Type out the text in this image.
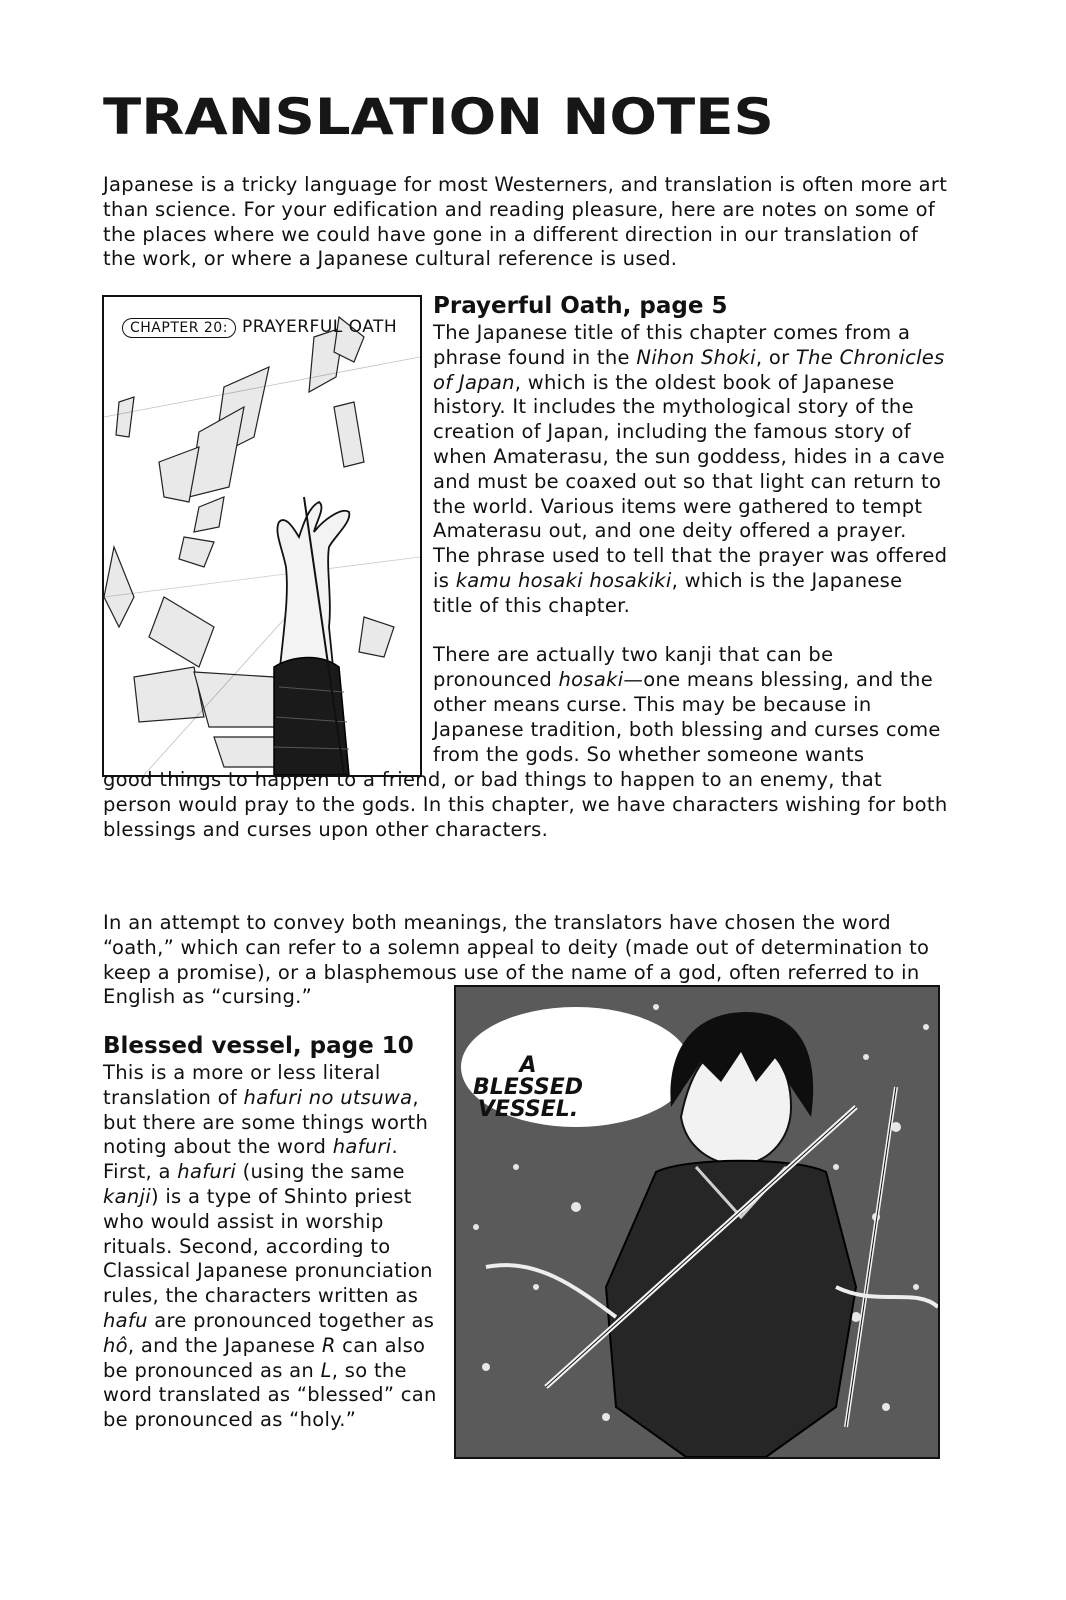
TRANSLATION NOTES

Japanese is a tricky language for most Westerners, and translation is often more art than science. For your edification and reading pleasure, here are notes on some of the places where we could have gone in a different direction in our translation of the work, or where a Japanese cultural reference is used.

CHAPTER 20: PRAYERFUL OATH
Prayerful Oath, page 5

The Japanese title of this chapter comes from a phrase found in the Nihon Shoki, or The Chronicles of Japan, which is the oldest book of Japanese history. It includes the mythological story of the creation of Japan, including the famous story of when Amaterasu, the sun goddess, hides in a cave and must be coaxed out so that light can return to the world. Various items were gathered to tempt Amaterasu out, and one deity offered a prayer. The phrase used to tell that the prayer was offered is kamu hosaki hosakiki, which is the Japanese title of this chapter.

There are actually two kanji that can be pronounced hosaki—one means blessing, and the other means curse. This may be because in Japanese tradition, both blessing and curses come from the gods. So whether someone wants

good things to happen to a friend, or bad things to happen to an enemy, that person would pray to the gods. In this chapter, we have characters wishing for both blessings and curses upon other characters.

In an attempt to convey both meanings, the translators have chosen the word “oath,” which can refer to a solemn appeal to deity (made out of determination to keep a promise), or a blasphemous use of the name of a god, often referred to in English as “cursing.”

A
BLESSED
VESSEL.
Blessed vessel, page 10

This is a more or less literal translation of hafuri no utsuwa, but there are some things worth noting about the word hafuri. First, a hafuri (using the same kanji) is a type of Shinto priest who would assist in worship rituals. Second, according to Classical Japanese pronunciation rules, the characters written as hafu are pronounced together as hô, and the Japanese R can also be pronounced as an L, so the word translated as “blessed” can be pronounced as “holy.”
